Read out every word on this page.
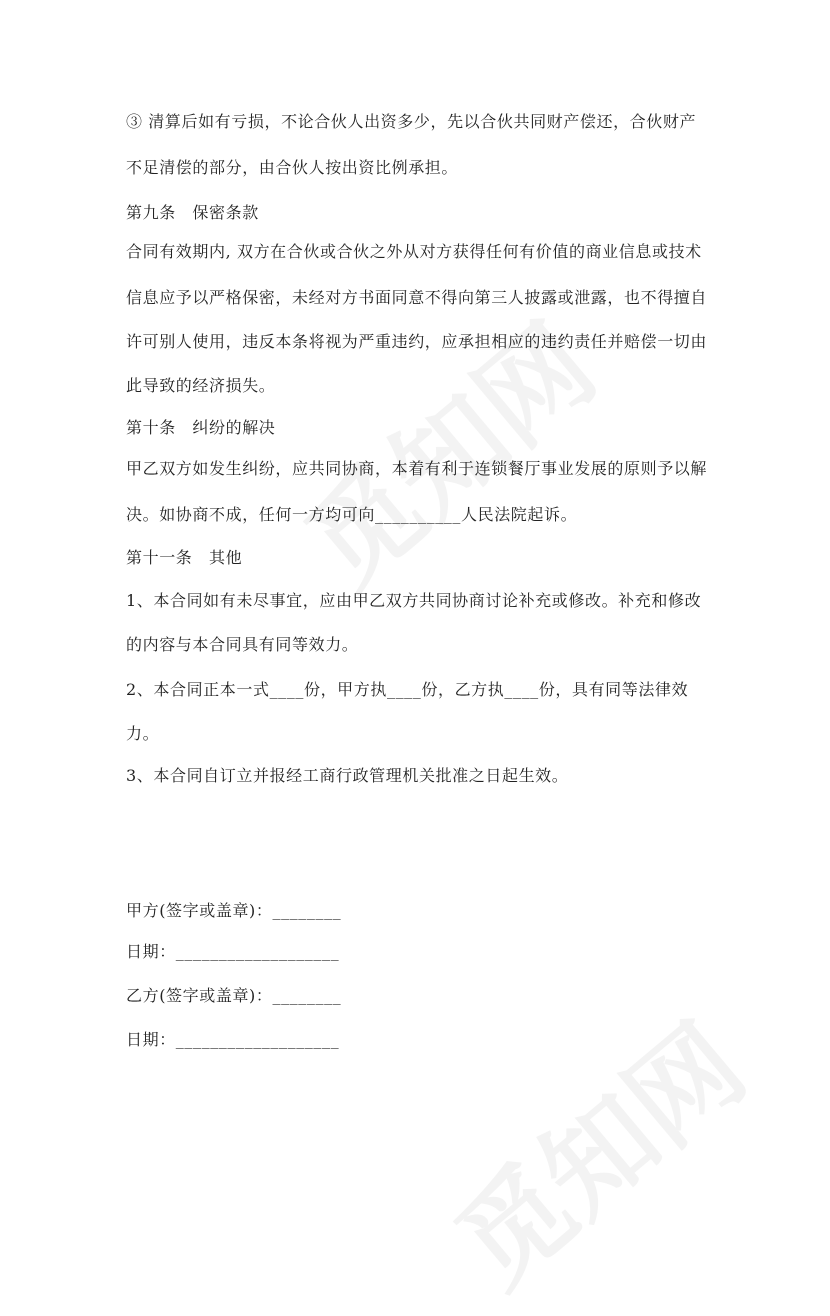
③ 清算后如有亏损，不论合伙人出资多少，先以合伙共同财产偿还，合伙财产
不足清偿的部分，由合伙人按出资比例承担。
第九条　保密条款
合同有效期内, 双方在合伙或合伙之外从对方获得任何有价值的商业信息或技术
信息应予以严格保密，未经对方书面同意不得向第三人披露或泄露，也不得擅自
许可别人使用，违反本条将视为严重违约，应承担相应的违约责任并赔偿一切由
此导致的经济损失。
第十条　纠纷的解决
甲乙双方如发生纠纷，应共同协商，本着有利于连锁餐厅事业发展的原则予以解
决。如协商不成，任何一方均可向__________人民法院起诉。
第十一条　其他
1、本合同如有未尽事宜，应由甲乙双方共同协商讨论补充或修改。补充和修改
的内容与本合同具有同等效力。
2、本合同正本一式____份，甲方执____份，乙方执____份，具有同等法律效
力。
3、本合同自订立并报经工商行政管理机关批准之日起生效。
甲方(签字或盖章)：________
日期：___________________
乙方(签字或盖章)：________
日期：___________________
